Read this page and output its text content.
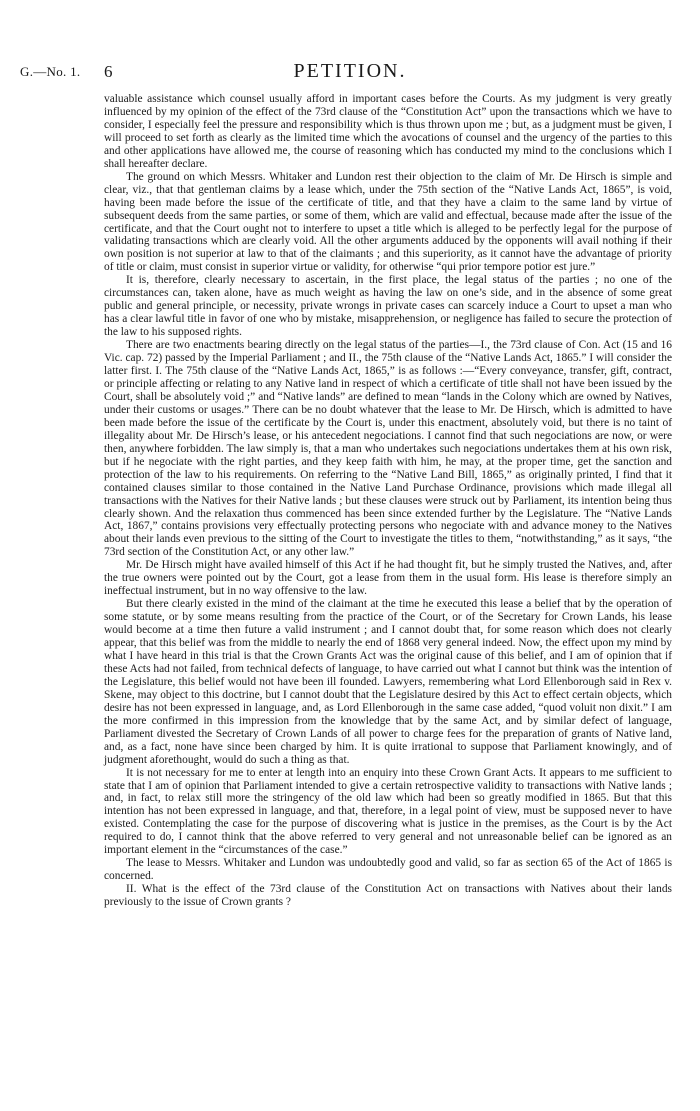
PETITION.
G.—No. 1. 6

valuable assistance which counsel usually afford in important cases before the Courts. As my judgment is very greatly influenced by my opinion of the effect of the 73rd clause of the “Constitution Act” upon the transactions which we have to consider, I especially feel the pressure and responsibility which is thus thrown upon me ; but, as a judgment must be given, I will proceed to set forth as clearly as the limited time which the avocations of counsel and the urgency of the parties to this and other applications have allowed me, the course of reasoning which has conducted my mind to the conclusions which I shall hereafter declare.

The ground on which Messrs. Whitaker and Lundon rest their objection to the claim of Mr. De Hirsch is simple and clear, viz., that that gentleman claims by a lease which, under the 75th section of the “Native Lands Act, 1865”, is void, having been made before the issue of the certificate of title, and that they have a claim to the same land by virtue of subsequent deeds from the same parties, or some of them, which are valid and effectual, because made after the issue of the certificate, and that the Court ought not to interfere to upset a title which is alleged to be perfectly legal for the purpose of validating transactions which are clearly void. All the other arguments adduced by the opponents will avail nothing if their own position is not superior at law to that of the claimants ; and this superiority, as it cannot have the advantage of priority of title or claim, must consist in superior virtue or validity, for otherwise “qui prior tempore potior est jure.”

It is, therefore, clearly necessary to ascertain, in the first place, the legal status of the parties ; no one of the circumstances can, taken alone, have as much weight as having the law on one’s side, and in the absence of some great public and general principle, or necessity, private wrongs in private cases can scarcely induce a Court to upset a man who has a clear lawful title in favor of one who by mistake, misapprehension, or negligence has failed to secure the protection of the law to his supposed rights.

There are two enactments bearing directly on the legal status of the parties—I., the 73rd clause of Con. Act (15 and 16 Vic. cap. 72) passed by the Imperial Parliament ; and II., the 75th clause of the “Native Lands Act, 1865.” I will consider the latter first. I. The 75th clause of the “Native Lands Act, 1865,” is as follows :—“Every conveyance, transfer, gift, contract, or principle affecting or relating to any Native land in respect of which a certificate of title shall not have been issued by the Court, shall be absolutely void ;” and “Native lands” are defined to mean “lands in the Colony which are owned by Natives, under their customs or usages.” There can be no doubt whatever that the lease to Mr. De Hirsch, which is admitted to have been made before the issue of the certificate by the Court is, under this enactment, absolutely void, but there is no taint of illegality about Mr. De Hirsch’s lease, or his antecedent negociations. I cannot find that such negociations are now, or were then, anywhere forbidden. The law simply is, that a man who undertakes such negociations undertakes them at his own risk, but if he negociate with the right parties, and they keep faith with him, he may, at the proper time, get the sanction and protection of the law to his requirements. On referring to the “Native Land Bill, 1865,” as originally printed, I find that it contained clauses similar to those contained in the Native Land Purchase Ordinance, provisions which made illegal all transactions with the Natives for their Native lands ; but these clauses were struck out by Parliament, its intention being thus clearly shown. And the relaxation thus commenced has been since extended further by the Legislature. The “Native Lands Act, 1867,” contains provisions very effectually protecting persons who negociate with and advance money to the Natives about their lands even previous to the sitting of the Court to investigate the titles to them, “notwithstanding,” as it says, “the 73rd section of the Constitution Act, or any other law.”

Mr. De Hirsch might have availed himself of this Act if he had thought fit, but he simply trusted the Natives, and, after the true owners were pointed out by the Court, got a lease from them in the usual form. His lease is therefore simply an ineffectual instrument, but in no way offensive to the law.

But there clearly existed in the mind of the claimant at the time he executed this lease a belief that by the operation of some statute, or by some means resulting from the practice of the Court, or of the Secretary for Crown Lands, his lease would become at a time then future a valid instrument ; and I cannot doubt that, for some reason which does not clearly appear, that this belief was from the middle to nearly the end of 1868 very general indeed. Now, the effect upon my mind by what I have heard in this trial is that the Crown Grants Act was the original cause of this belief, and I am of opinion that if these Acts had not failed, from technical defects of language, to have carried out what I cannot but think was the intention of the Legislature, this belief would not have been ill founded. Lawyers, remembering what Lord Ellenborough said in Rex v. Skene, may object to this doctrine, but I cannot doubt that the Legislature desired by this Act to effect certain objects, which desire has not been expressed in language, and, as Lord Ellenborough in the same case added, “quod voluit non dixit.” I am the more confirmed in this impression from the knowledge that by the same Act, and by similar defect of language, Parliament divested the Secretary of Crown Lands of all power to charge fees for the preparation of grants of Native land, and, as a fact, none have since been charged by him. It is quite irrational to suppose that Parliament knowingly, and of judgment aforethought, would do such a thing as that.

It is not necessary for me to enter at length into an enquiry into these Crown Grant Acts. It appears to me sufficient to state that I am of opinion that Parliament intended to give a certain retrospective validity to transactions with Native lands ; and, in fact, to relax still more the stringency of the old law which had been so greatly modified in 1865. But that this intention has not been expressed in language, and that, therefore, in a legal point of view, must be supposed never to have existed. Contemplating the case for the purpose of discovering what is justice in the premises, as the Court is by the Act required to do, I cannot think that the above referred to very general and not unreasonable belief can be ignored as an important element in the “circumstances of the case.”

The lease to Messrs. Whitaker and Lundon was undoubtedly good and valid, so far as section 65 of the Act of 1865 is concerned.

II. What is the effect of the 73rd clause of the Constitution Act on transactions with Natives about their lands previously to the issue of Crown grants ?
